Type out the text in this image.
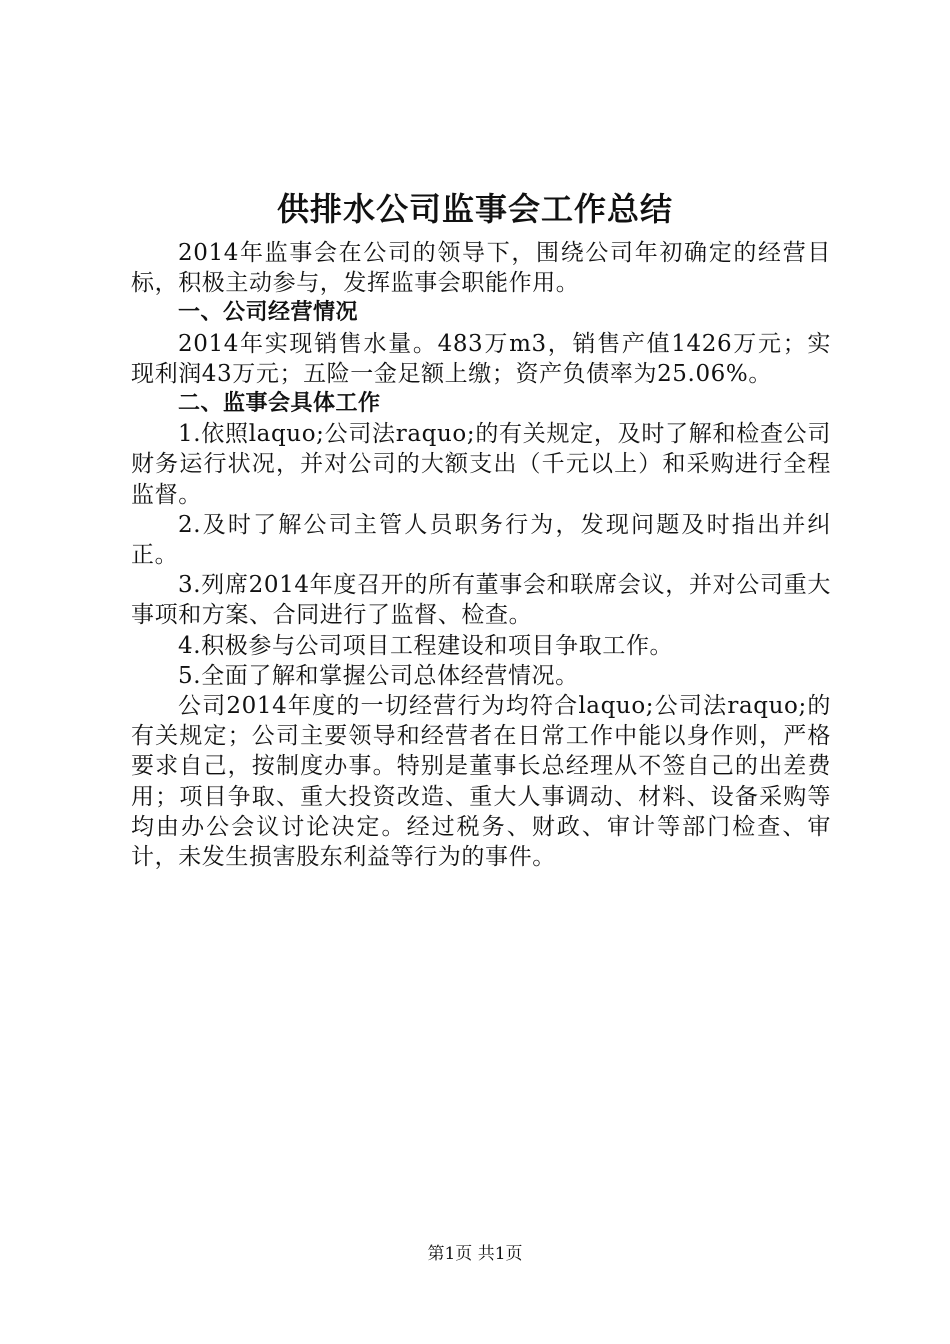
供排水公司监事会工作总结

2014年监事会在公司的领导下，围绕公司年初确定的经营目标，积极主动参与，发挥监事会职能作用。

一、公司经营情况

2014年实现销售水量。483万m3，销售产值1426万元；实现利润43万元；五险一金足额上缴；资产负债率为25.06%。

二、监事会具体工作

1.依照laquo;公司法raquo;的有关规定，及时了解和检查公司财务运行状况，并对公司的大额支出（千元以上）和采购进行全程监督。

2.及时了解公司主管人员职务行为，发现问题及时指出并纠正。

3.列席2014年度召开的所有董事会和联席会议，并对公司重大事项和方案、合同进行了监督、检查。

4.积极参与公司项目工程建设和项目争取工作。

5.全面了解和掌握公司总体经营情况。

公司2014年度的一切经营行为均符合laquo;公司法raquo;的有关规定；公司主要领导和经营者在日常工作中能以身作则，严格要求自己，按制度办事。特别是董事长总经理从不签自己的出差费用；项目争取、重大投资改造、重大人事调动、材料、设备采购等均由办公会议讨论决定。经过税务、财政、审计等部门检查、审计，未发生损害股东利益等行为的事件。

第1页 共1页
